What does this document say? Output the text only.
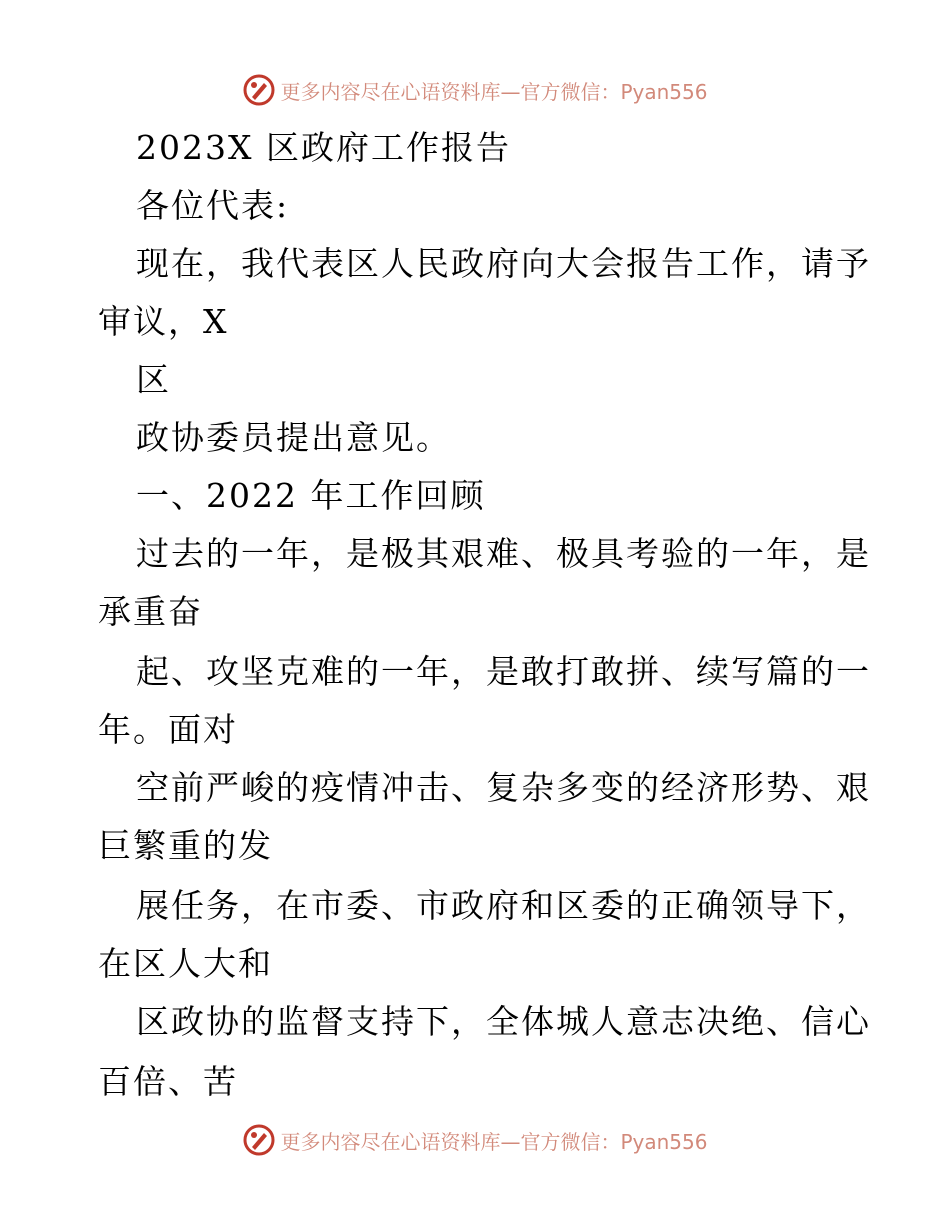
更多内容尽在心语资料库—官方微信：Pyan556
2023X 区政府工作报告
各位代表:
现在，我代表区人民政府向大会报告工作，请予
审议，X
区
政协委员提出意见。
一、2022 年工作回顾
过去的一年，是极其艰难、极具考验的一年，是
承重奋
起、攻坚克难的一年，是敢打敢拼、续写篇的一
年。面对
空前严峻的疫情冲击、复杂多变的经济形势、艰
巨繁重的发
展任务，在市委、市政府和区委的正确领导下，
在区人大和
区政协的监督支持下，全体城人意志决绝、信心
百倍、苦
更多内容尽在心语资料库—官方微信：Pyan556
